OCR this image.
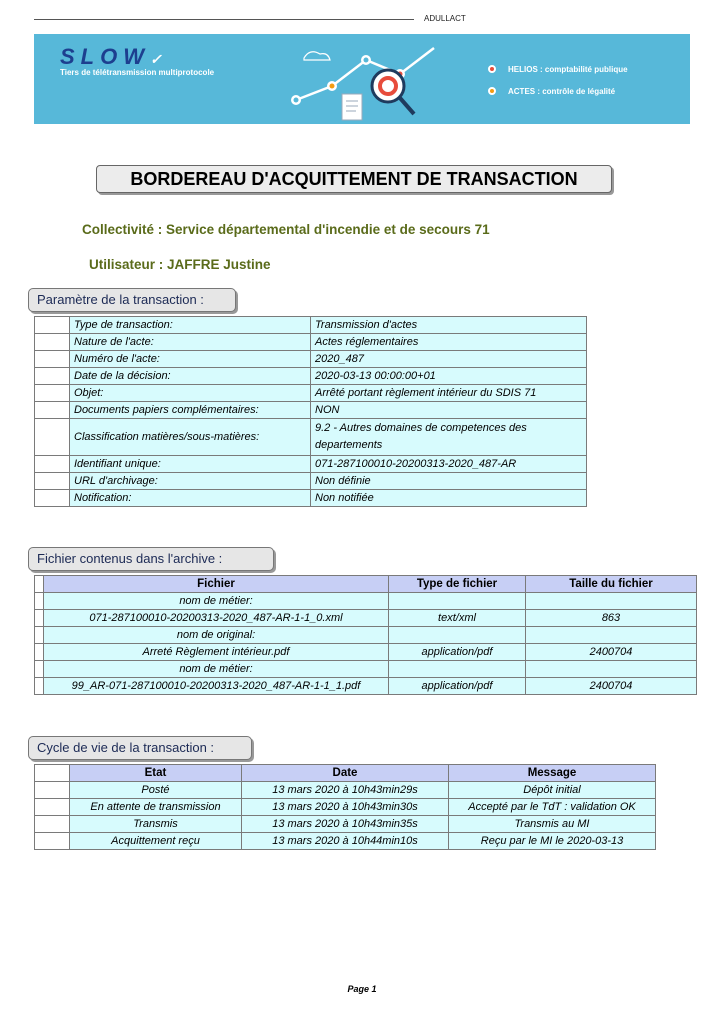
ADULLACT
SLOW✓
Tiers de télétransmission multiprotocole	HELIOS : comptabilité publique
ACTES : contrôle de légalité
BORDEREAU D'ACQUITTEMENT DE TRANSACTION
Collectivité : Service départemental d'incendie et de secours 71
Utilisateur : JAFFRE Justine
Paramètre de la transaction :
	Type de transaction:	Transmission d'actes
	Nature de l'acte:	Actes réglementaires
	Numéro de l'acte:	2020_487
	Date de la décision:	2020-03-13 00:00:00+01
	Objet:	Arrêté portant règlement intérieur du SDIS 71
	Documents papiers complémentaires:	NON
	Classification matières/sous-matières:	9.2 - Autres domaines de competences des departements
	Identifiant unique:	071-287100010-20200313-2020_487-AR
	URL d'archivage:	Non définie
	Notification:	Non notifiée
Fichier contenus dans l'archive :
	Fichier	Type de fichier	Taille du fichier
	nom de métier:		
	071-287100010-20200313-2020_487-AR-1-1_0.xml	text/xml	863
	nom de original:		
	Arreté Règlement intérieur.pdf	application/pdf	2400704
	nom de métier:		
	99_AR-071-287100010-20200313-2020_487-AR-1-1_1.pdf	application/pdf	2400704
Cycle de vie de la transaction :
	Etat	Date	Message
	Posté	13 mars 2020 à 10h43min29s	Dépôt initial
	En attente de transmission	13 mars 2020 à 10h43min30s	Accepté par le TdT : validation OK
	Transmis	13 mars 2020 à 10h43min35s	Transmis au MI
	Acquittement reçu	13 mars 2020 à 10h44min10s	Reçu par le MI le 2020-03-13
Page 1
